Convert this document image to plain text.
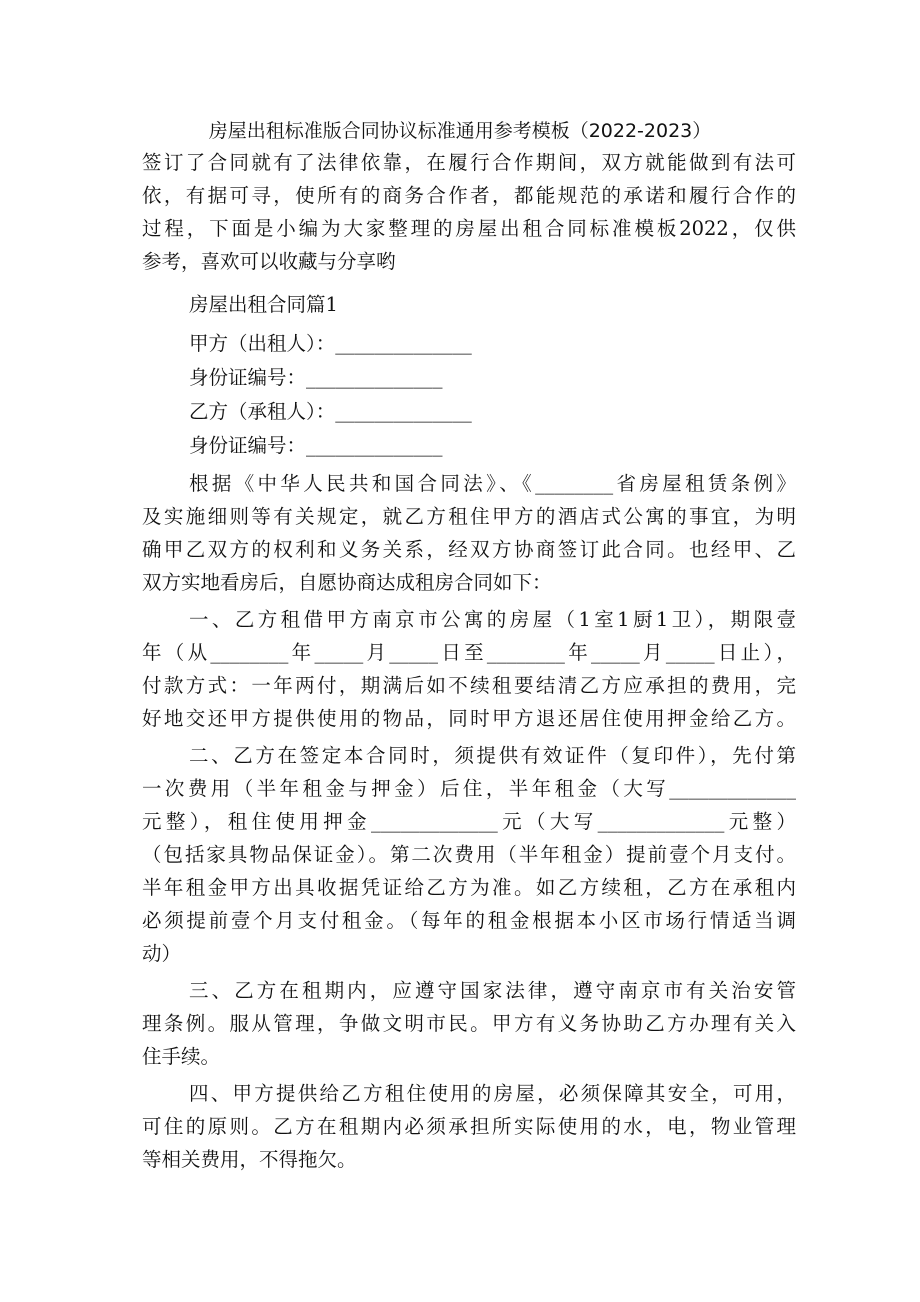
房屋出租标准版合同协议标准通用参考模板（2022-2023）
签订了合同就有了法律依靠，在履行合作期间，双方就能做到有法可
依，有据可寻，使所有的商务合作者，都能规范的承诺和履行合作的
过程，下面是小编为大家整理的房屋出租合同标准模板2022，仅供
参考，喜欢可以收藏与分享哟
房屋出租合同篇1
甲方（出租人）：______________
身份证编号：______________
乙方（承租人）：______________
身份证编号：______________
根据《中华人民共和国合同法》、《________省房屋租赁条例》
及实施细则等有关规定，就乙方租住甲方的酒店式公寓的事宜，为明
确甲乙双方的权利和义务关系，经双方协商签订此合同。也经甲、乙
双方实地看房后，自愿协商达成租房合同如下：
一、乙方租借甲方南京市公寓的房屋（1室1厨1卫），期限壹
年（从________年_____月_____日至________年_____月_____日止），
付款方式：一年两付，期满后如不续租要结清乙方应承担的费用，完
好地交还甲方提供使用的物品，同时甲方退还居住使用押金给乙方。
二、乙方在签定本合同时，须提供有效证件（复印件），先付第
一次费用（半年租金与押金）后住，半年租金（大写_____________
元整），租住使用押金_____________元（大写_____________元整）
（包括家具物品保证金）。第二次费用（半年租金）提前壹个月支付。
半年租金甲方出具收据凭证给乙方为准。如乙方续租，乙方在承租内
必须提前壹个月支付租金。（每年的租金根据本小区市场行情适当调
动）
三、乙方在租期内，应遵守国家法律，遵守南京市有关治安管
理条例。服从管理，争做文明市民。甲方有义务协助乙方办理有关入
住手续。
四、甲方提供给乙方租住使用的房屋，必须保障其安全，可用，
可住的原则。乙方在租期内必须承担所实际使用的水，电，物业管理
等相关费用，不得拖欠。
